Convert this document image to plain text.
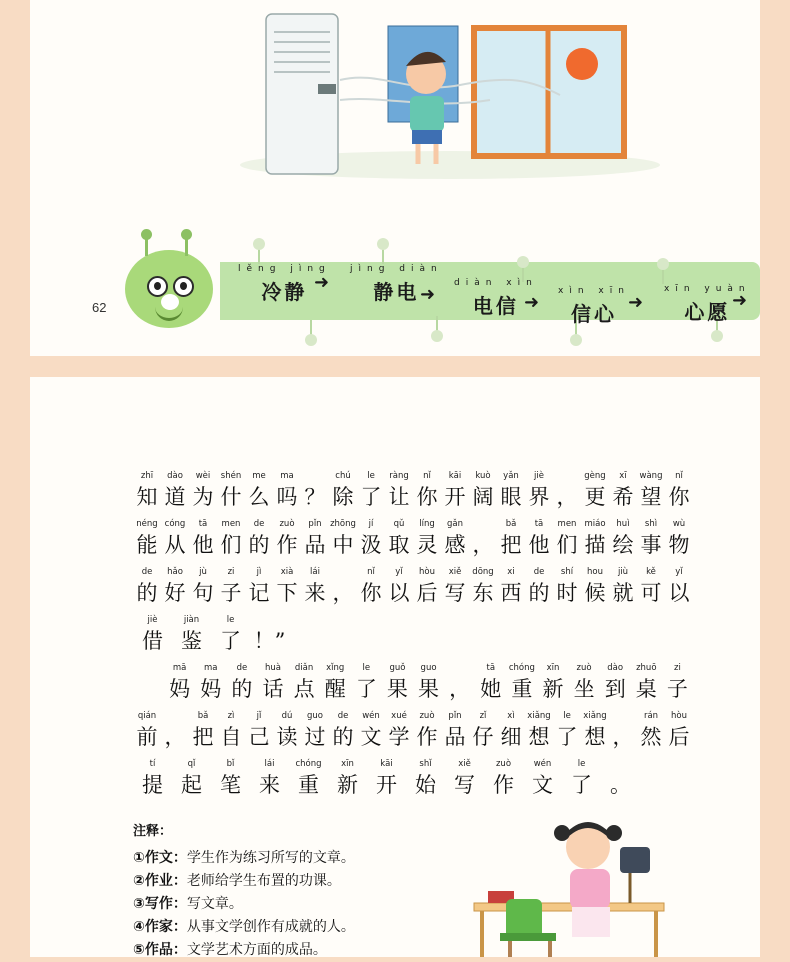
lěng jìng
冷静 ➜
jìng diàn
静电 ➜
diàn xìn
电信 ➜
xìn xīn
信心 ➜
xīn yuàn
心愿 ➜
62
zhī
知
dào
道
wèi
为
shén
什
me
么
ma
吗 ？
chú
除
le
了
ràng
让
nǐ
你
kāi
开
kuò
阔
yǎn
眼
jiè
界 ，
gèng
更
xī
希
wàng
望
nǐ
你
néng
能
cóng
从
tā
他
men
们
de
的
zuò
作
pǐn
品
zhōng
中
jí
汲
qǔ
取
líng
灵
gǎn
感 ，
bǎ
把
tā
他
men
们
miáo
描
huì
绘
shì
事
wù
物
de
的
hǎo
好
jù
句
zi
子
jì
记
xià
下
lái
来 ，
nǐ
你
yǐ
以
hòu
后
xiě
写
dōng
东
xi
西
de
的
shí
时
hou
候
jiù
就
kě
可
yǐ
以
jiè
借
jiàn
鉴
le
了 ！”
mā
妈
ma
妈
de
的
huà
话
diǎn
点
xǐng
醒
le
了
guǒ
果
guo
果 ，
tā
她
chóng
重
xīn
新
zuò
坐
dào
到
zhuō
桌
zi
子
qián
前 ，
bǎ
把
zì
自
jǐ
己
dú
读
guo
过
de
的
wén
文
xué
学
zuò
作
pǐn
品
zǐ
仔
xì
细
xiǎng
想
le
了
xiǎng
想 ，
rán
然
hòu
后
tí
提
qǐ
起
bǐ
笔
lái
来
chóng
重
xīn
新
kāi
开
shǐ
始
xiě
写
zuò
作
wén
文
le
了 。
注释：
①作文：学生作为练习所写的文章。
②作业：老师给学生布置的功课。
③写作：写文章。
④作家：从事文学创作有成就的人。
⑤作品：文学艺术方面的成品。
